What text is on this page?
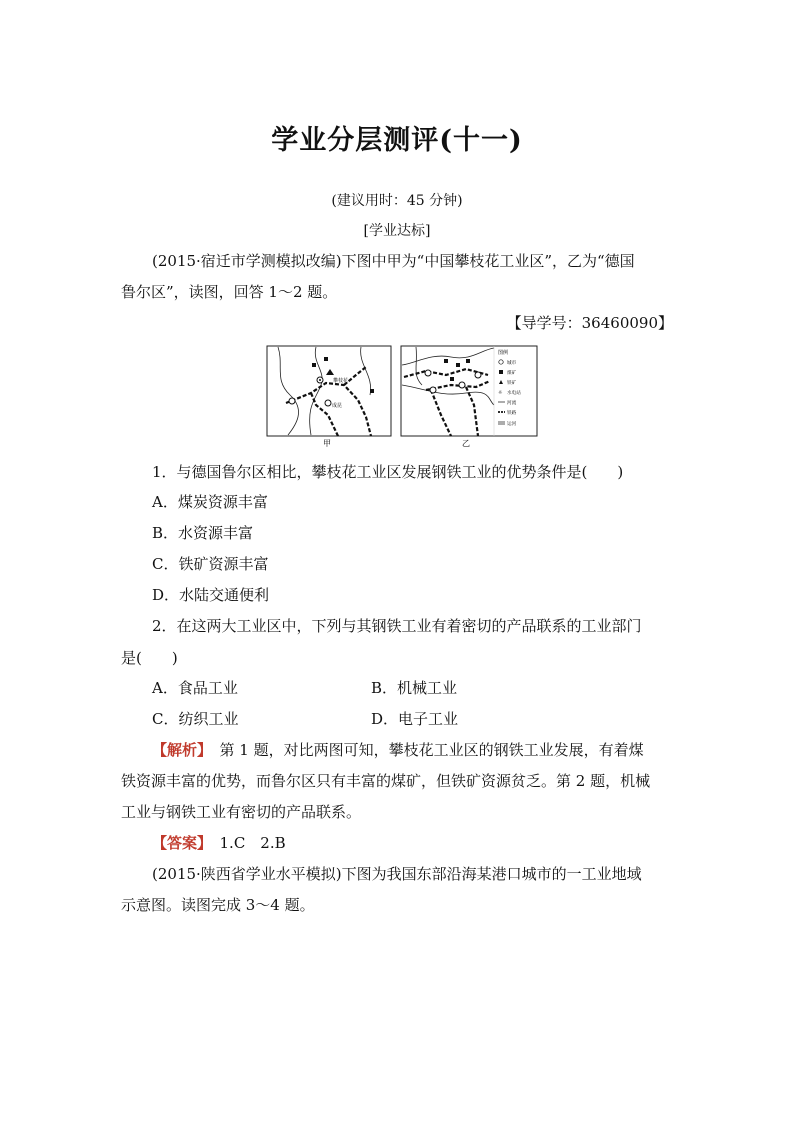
学业分层测评(十一)
(建议用时：45 分钟)
[学业达标]
(2015·宿迁市学测模拟改编)下图中甲为“中国攀枝花工业区”，乙为“德国
鲁尔区”，读图，回答 1～2 题。
【导学号：36460090】
攀枝花
成昆
图例
城市
煤矿
铁矿
☼ 水电站
河流
铁路
运河
甲	乙
1．与德国鲁尔区相比，攀枝花工业区发展钢铁工业的优势条件是(　　)
A．煤炭资源丰富
B．水资源丰富
C．铁矿资源丰富
D．水陆交通便利
2．在这两大工业区中，下列与其钢铁工业有着密切的产品联系的工业部门
是(　　)
A．食品工业	B．机械工业
C．纺织工业	D．电子工业
【解析】　第 1 题，对比两图可知，攀枝花工业区的钢铁工业发展，有着煤
铁资源丰富的优势，而鲁尔区只有丰富的煤矿，但铁矿资源贫乏。第 2 题，机械
工业与钢铁工业有密切的产品联系。
【答案】　1.C　2.B
(2015·陕西省学业水平模拟)下图为我国东部沿海某港口城市的一工业地域
示意图。读图完成 3～4 题。
